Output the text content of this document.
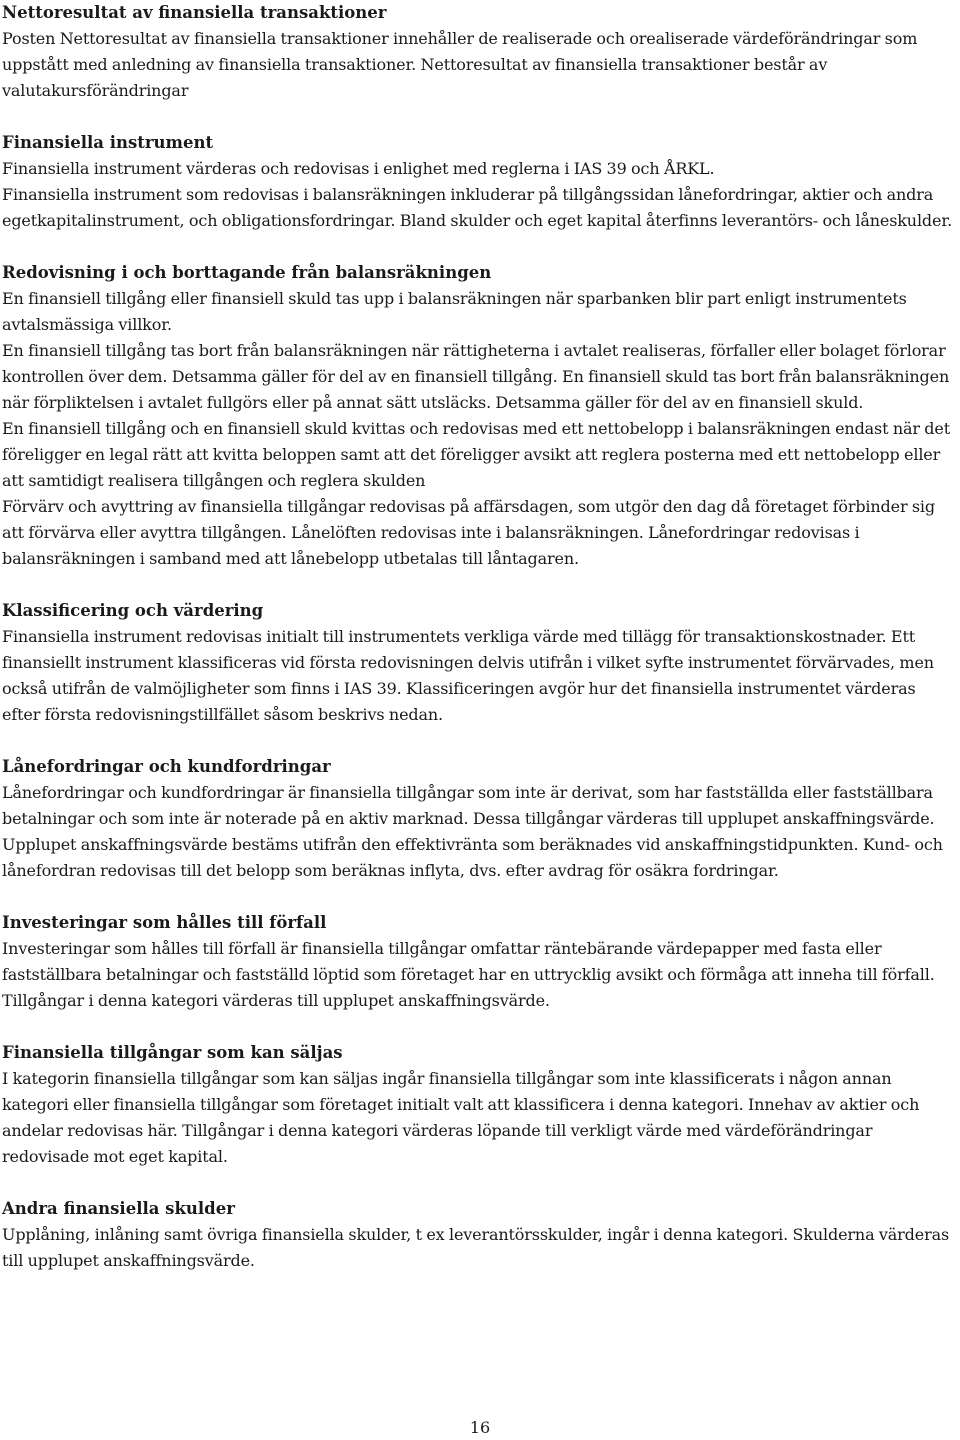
Nettoresultat av finansiella transaktioner

Posten Nettoresultat av finansiella transaktioner innehåller de realiserade och orealiserade värdeförändringar som uppstått med anledning av finansiella transaktioner. Nettoresultat av finansiella transaktioner består av valutakursförändringar

Finansiella instrument

Finansiella instrument värderas och redovisas i enlighet med reglerna i IAS 39 och ÅRKL.

Finansiella instrument som redovisas i balansräkningen inkluderar på tillgångssidan lånefordringar, aktier och andra egetkapitalinstrument, och obligationsfordringar. Bland skulder och eget kapital återfinns leverantörs- och låneskulder.

Redovisning i och borttagande från balansräkningen

En finansiell tillgång eller finansiell skuld tas upp i balansräkningen när sparbanken blir part enligt instrumentets avtalsmässiga villkor.

En finansiell tillgång tas bort från balansräkningen när rättigheterna i avtalet realiseras, förfaller eller bolaget förlorar kontrollen över dem. Detsamma gäller för del av en finansiell tillgång. En finansiell skuld tas bort från balansräkningen när förpliktelsen i avtalet fullgörs eller på annat sätt utsläcks. Detsamma gäller för del av en finansiell skuld.

En finansiell tillgång och en finansiell skuld kvittas och redovisas med ett nettobelopp i balansräkningen endast när det föreligger en legal rätt att kvitta beloppen samt att det föreligger avsikt att reglera posterna med ett nettobelopp eller att samtidigt realisera tillgången och reglera skulden

Förvärv och avyttring av finansiella tillgångar redovisas på affärsdagen, som utgör den dag då företaget förbinder sig att förvärva eller avyttra tillgången. Lånelöften redovisas inte i balansräkningen. Lånefordringar redovisas i balansräkningen i samband med att lånebelopp utbetalas till låntagaren.

Klassificering och värdering

Finansiella instrument redovisas initialt till instrumentets verkliga värde med tillägg för transaktionskostnader. Ett finansiellt instrument klassificeras vid första redovisningen delvis utifrån i vilket syfte instrumentet förvärvades, men också utifrån de valmöjligheter som finns i IAS 39. Klassificeringen avgör hur det finansiella instrumentet värderas efter första redovisningstillfället såsom beskrivs nedan.

Lånefordringar och kundfordringar

Lånefordringar och kundfordringar är finansiella tillgångar som inte är derivat, som har fastställda eller fastställbara betalningar och som inte är noterade på en aktiv marknad. Dessa tillgångar värderas till upplupet anskaffningsvärde. Upplupet anskaffningsvärde bestäms utifrån den effektivränta som beräknades vid anskaffningstidpunkten. Kund- och lånefordran redovisas till det belopp som beräknas inflyta, dvs. efter avdrag för osäkra fordringar.

Investeringar som hålles till förfall

Investeringar som hålles till förfall är finansiella tillgångar omfattar räntebärande värdepapper med fasta eller fastställbara betalningar och fastställd löptid som företaget har en uttrycklig avsikt och förmåga att inneha till förfall. Tillgångar i denna kategori värderas till upplupet anskaffningsvärde.

Finansiella tillgångar som kan säljas

I kategorin finansiella tillgångar som kan säljas ingår finansiella tillgångar som inte klassificerats i någon annan kategori eller finansiella tillgångar som företaget initialt valt att klassificera i denna kategori. Innehav av aktier och andelar redovisas här. Tillgångar i denna kategori värderas löpande till verkligt värde med värdeförändringar redovisade mot eget kapital.

Andra finansiella skulder

Upplåning, inlåning samt övriga finansiella skulder, t ex leverantörsskulder, ingår i denna kategori. Skulderna värderas till upplupet anskaffningsvärde.

16
